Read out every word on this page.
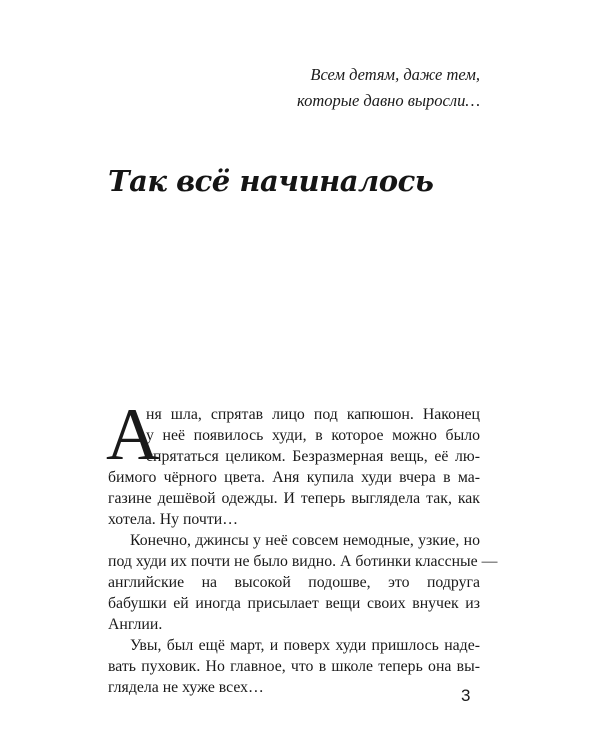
Всем детям, даже тем,
которые давно выросли…
Так всё начиналось
А
ня шла, спрятав лицо под капюшон. Наконец
у неё появилось худи, в которое можно было
спрятаться целиком. Безразмерная вещь, её лю-
бимого чёрного цвета. Аня купила худи вчера в ма-
газине дешёвой одежды. И теперь выглядела так, как
хотела. Ну почти…
Конечно, джинсы у неё совсем немодные, узкие, но
под худи их почти не было видно. А ботинки классные —
английские на высокой подошве, это подруга
бабушки ей иногда присылает вещи своих внучек из
Англии.
Увы, был ещё март, и поверх худи пришлось наде-
вать пуховик. Но главное, что в школе теперь она вы-
глядела не хуже всех…	3
